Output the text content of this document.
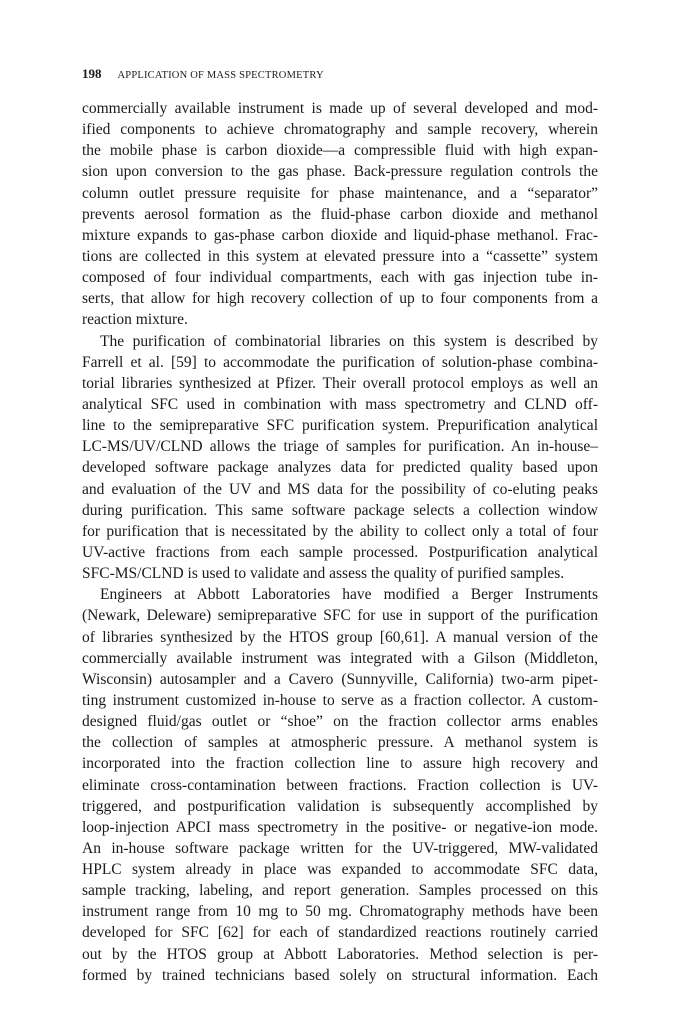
198 APPLICATION OF MASS SPECTROMETRY
commercially available instrument is made up of several developed and mod-
ified components to achieve chromatography and sample recovery, wherein
the mobile phase is carbon dioxide—a compressible fluid with high expan-
sion upon conversion to the gas phase. Back-pressure regulation controls the
column outlet pressure requisite for phase maintenance, and a “separator”
prevents aerosol formation as the fluid-phase carbon dioxide and methanol
mixture expands to gas-phase carbon dioxide and liquid-phase methanol. Frac-
tions are collected in this system at elevated pressure into a “cassette” system
composed of four individual compartments, each with gas injection tube in-
serts, that allow for high recovery collection of up to four components from a
reaction mixture.
The purification of combinatorial libraries on this system is described by
Farrell et al. [59] to accommodate the purification of solution-phase combina-
torial libraries synthesized at Pfizer. Their overall protocol employs as well an
analytical SFC used in combination with mass spectrometry and CLND off-
line to the semipreparative SFC purification system. Prepurification analytical
LC-MS/UV/CLND allows the triage of samples for purification. An in-house–
developed software package analyzes data for predicted quality based upon
and evaluation of the UV and MS data for the possibility of co-eluting peaks
during purification. This same software package selects a collection window
for purification that is necessitated by the ability to collect only a total of four
UV-active fractions from each sample processed. Postpurification analytical
SFC-MS/CLND is used to validate and assess the quality of purified samples.
Engineers at Abbott Laboratories have modified a Berger Instruments
(Newark, Deleware) semipreparative SFC for use in support of the purification
of libraries synthesized by the HTOS group [60,61]. A manual version of the
commercially available instrument was integrated with a Gilson (Middleton,
Wisconsin) autosampler and a Cavero (Sunnyville, California) two-arm pipet-
ting instrument customized in-house to serve as a fraction collector. A custom-
designed fluid/gas outlet or “shoe” on the fraction collector arms enables
the collection of samples at atmospheric pressure. A methanol system is
incorporated into the fraction collection line to assure high recovery and
eliminate cross-contamination between fractions. Fraction collection is UV-
triggered, and postpurification validation is subsequently accomplished by
loop-injection APCI mass spectrometry in the positive- or negative-ion mode.
An in-house software package written for the UV-triggered, MW-validated
HPLC system already in place was expanded to accommodate SFC data,
sample tracking, labeling, and report generation. Samples processed on this
instrument range from 10 mg to 50 mg. Chromatography methods have been
developed for SFC [62] for each of standardized reactions routinely carried
out by the HTOS group at Abbott Laboratories. Method selection is per-
formed by trained technicians based solely on structural information. Each
